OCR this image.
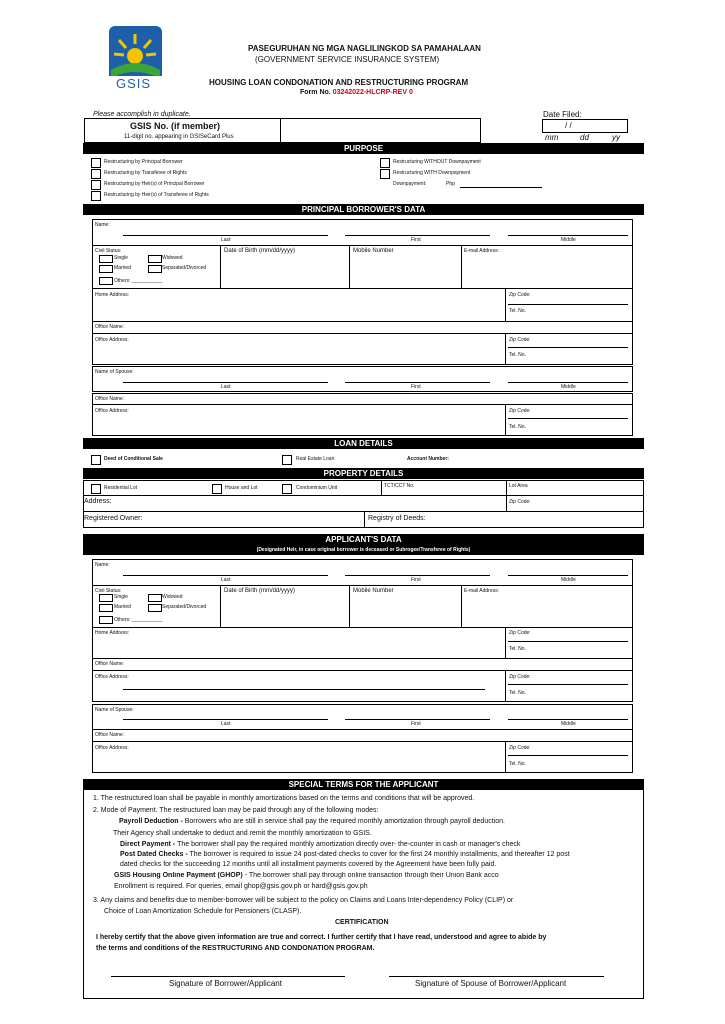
GSIS
PASEGURUHAN NG MGA NAGLILINGKOD SA PAMAHALAAN
(GOVERNMENT SERVICE INSURANCE SYSTEM)
HOUSING LOAN CONDONATION AND RESTRUCTURING PROGRAM
Form No. 03242022-HLCRP-REV 0
Please accomplish in duplicate.	Date Filed:
/ /
mm	dd	yy
GSIS No. (if member)
11-digit no. appearing in GSISeCard Plus
PURPOSE
Restructuring by Principal Borrower
Restructuring by Transferee of Rights
Restructuring by Heir(s) of Principal Borrower
Restructuring by Heir(s) of Transferee of Rights
Restructuring WITHOUT Downpayment
Restructuring WITH Downpayment
Downpayment:	Php
PRINCIPAL BORROWER'S DATA
Name:
Last	First	Middle
Civil Status:
Single	Widowed
Married	Separated/Divorced
Others: ___________
Date of Birth (mm/dd/yyyy)	Mobile Number	E-mail Address:
Home Address:	Zip Code:
Tel. No.
Office Name:
Office Address:	Zip Code:
Tel. No.
Name of Spouse:
Last	First	Middle
Office Name:
Office Address:	Zip Code:
Tel. No.
LOAN DETAILS
Deed of Conditional Sale	Real Estate Loan	Account Number:
PROPERTY DETAILS
Residential Lot	House and Lot	Condominium Unit	TCT/CCT No.	Lot Area
Address:	Zip Code:
Registered Owner:	Registry of Deeds:
APPLICANT'S DATA
(Designated Heir, in case original borrower is deceased or Subrogee/Transferee of Rights)
Name:
Last	First	Middle
Civil Status:
Single	Widowed
Married	Separated/Divorced
Others: ___________
Date of Birth (mm/dd/yyyy)	Mobile Number	E-mail Address:
Home Address:	Zip Code:
Tel. No.
Office Name:
Office Address:	Zip Code:
Tel. No.
Name of Spouse:
Last	First	Middle
Office Name:
Office Address:	Zip Code:
Tel. No.
SPECIAL TERMS FOR THE APPLICANT
1. The restructured loan shall be payable in monthly amortizations based on the terms and conditions that will be approved.
2. Mode of Payment. The restructured loan may be paid through any of the following modes:
Payroll Deduction - Borrowers who are still in service shall pay the required monthly amortization through payroll deduction.
Their Agency shall undertake to deduct and remit the monthly amortization to GSIS.
Direct Payment - The borrower shall pay the required monthly amortization directly over- the-counter in cash or manager's check
Post Dated Checks - The borrower is required to issue 24 post-dated checks to cover for the first 24 monthly installments, and thereafter 12 post
dated checks for the succeeding 12 months until all installment payments covered by the Agreement have been fully paid.
GSIS Housing Online Payment (GHOP) - The borrower shall pay through online transaction through their Union Bank acco
Enrollment is required. For queries, email ghop@gsis.gov.ph or hard@gsis.gov.ph
3. Any claims and benefits due to member-borrower will be subject to the policy on Claims and Loans Inter-dependency Policy (CLIP) or
Choice of Loan Amortization Schedule for Pensioners (CLASP).
CERTIFICATION
I hereby certify that the above given information are true and correct. I further certify that I have read, understood and agree to abide by
the terms and conditions of the RESTRUCTURING AND CONDONATION PROGRAM.
Signature of Borrower/Applicant	Signature of Spouse of Borrower/Applicant
